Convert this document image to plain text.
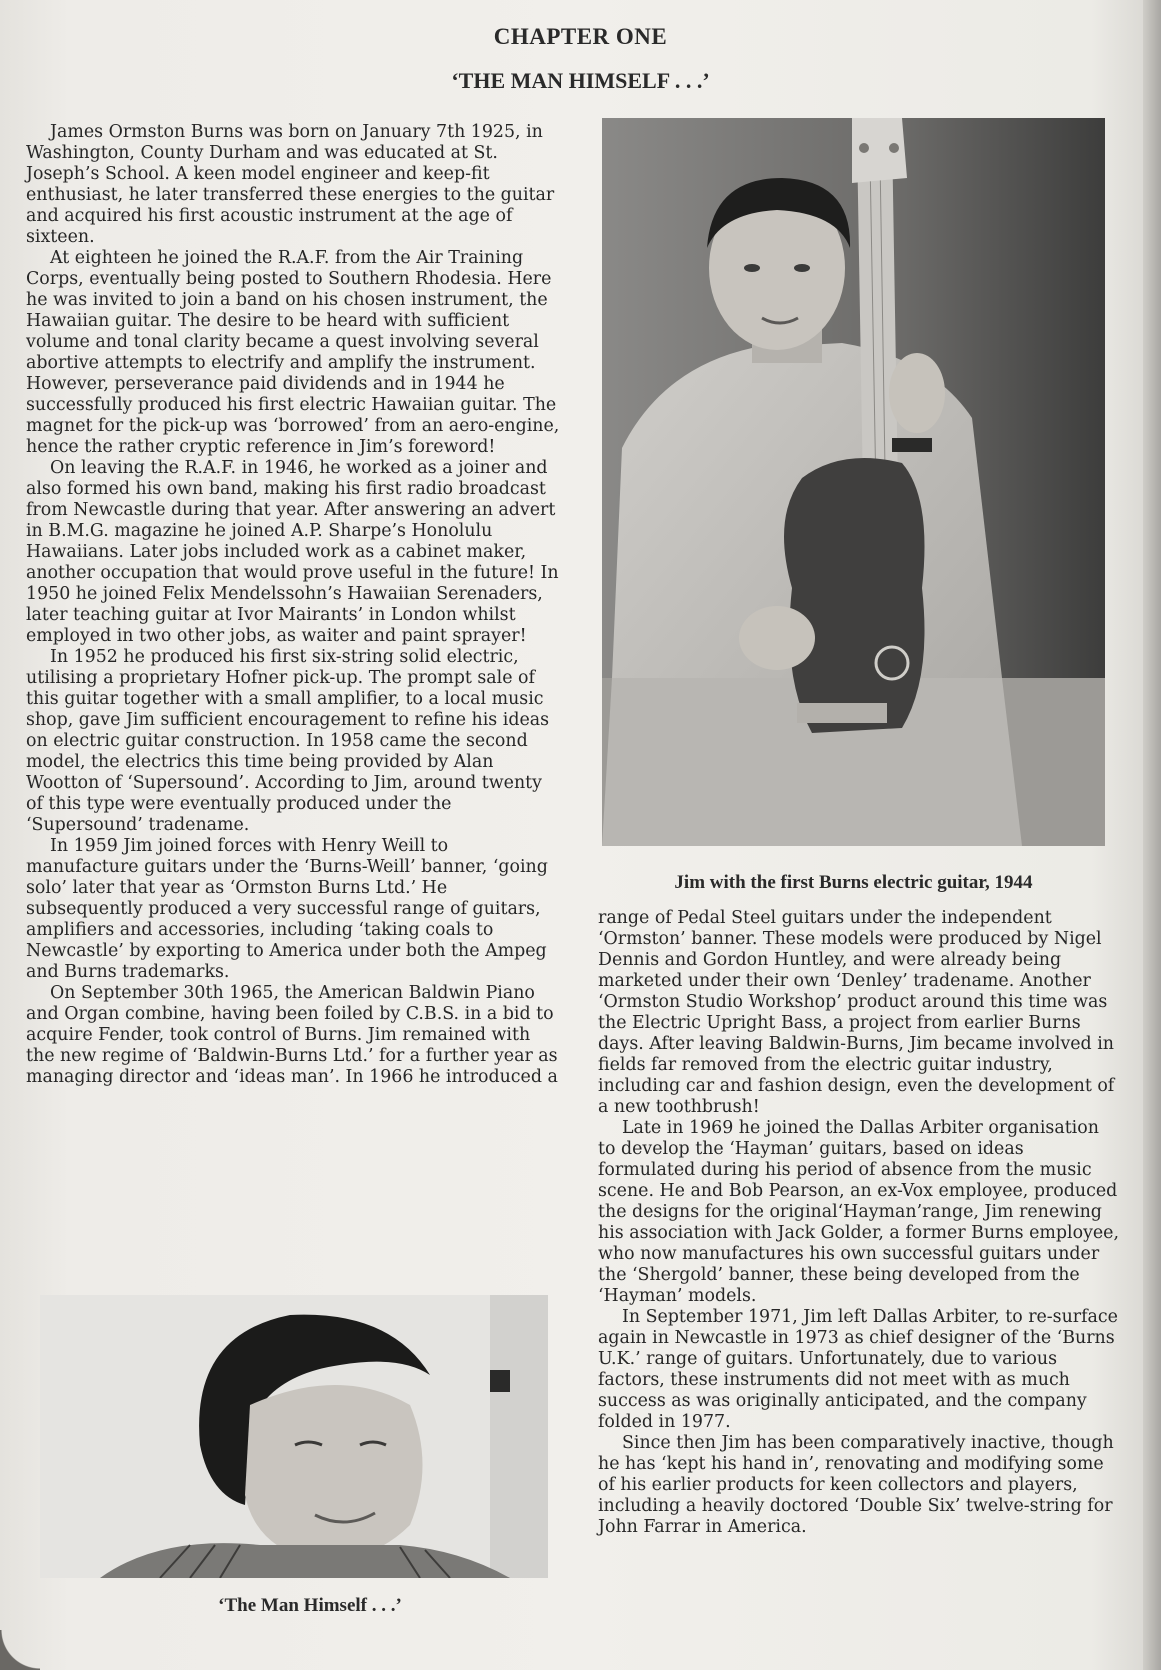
CHAPTER ONE
‘THE MAN HIMSELF . . .’

James Ormston Burns was born on January 7th 1925, in Washington, County Durham and was educated at St. Joseph’s School. A keen model engineer and keep-fit enthusiast, he later transferred these energies to the guitar and acquired his first acoustic instrument at the age of sixteen.

At eighteen he joined the R.A.F. from the Air Training Corps, eventually being posted to Southern Rhodesia. Here he was invited to join a band on his chosen instrument, the Hawaiian guitar. The desire to be heard with sufficient volume and tonal clarity became a quest involving several abortive attempts to electrify and amplify the instrument. However, perseverance paid dividends and in 1944 he successfully produced his first electric Hawaiian guitar. The magnet for the pick-up was ‘borrowed’ from an aero-engine, hence the rather cryptic reference in Jim’s foreword!

On leaving the R.A.F. in 1946, he worked as a joiner and also formed his own band, making his first radio broadcast from Newcastle during that year. After answering an advert in B.M.G. magazine he joined A.P. Sharpe’s Honolulu Hawaiians. Later jobs included work as a cabinet maker, another occupation that would prove useful in the future! In 1950 he joined Felix Mendelssohn’s Hawaiian Serenaders, later teaching guitar at Ivor Mairants’ in London whilst employed in two other jobs, as waiter and paint sprayer!

In 1952 he produced his first six-string solid electric, utilising a proprietary Hofner pick-up. The prompt sale of this guitar together with a small amplifier, to a local music shop, gave Jim sufficient encouragement to refine his ideas on electric guitar construction. In 1958 came the second model, the electrics this time being provided by Alan Wootton of ‘Supersound’. According to Jim, around twenty of this type were eventually produced under the ‘Supersound’ tradename.

In 1959 Jim joined forces with Henry Weill to manufacture guitars under the ‘Burns-Weill’ banner, ‘going solo’ later that year as ‘Ormston Burns Ltd.’ He subsequently produced a very successful range of guitars, amplifiers and accessories, including ‘taking coals to Newcastle’ by exporting to America under both the Ampeg and Burns trademarks.

On September 30th 1965, the American Baldwin Piano and Organ combine, having been foiled by C.B.S. in a bid to acquire Fender, took control of Burns. Jim remained with the new regime of ‘Baldwin-Burns Ltd.’ for a further year as managing director and ‘ideas man’. In 1966 he introduced a

Jim with the first Burns electric guitar, 1944

range of Pedal Steel guitars under the independent ‘Ormston’ banner. These models were produced by Nigel Dennis and Gordon Huntley, and were already being marketed under their own ‘Denley’ tradename. Another ‘Ormston Studio Workshop’ product around this time was the Electric Upright Bass, a project from earlier Burns days. After leaving Baldwin-Burns, Jim became involved in fields far removed from the electric guitar industry, including car and fashion design, even the development of a new toothbrush!

Late in 1969 he joined the Dallas Arbiter organisation to develop the ‘Hayman’ guitars, based on ideas formulated during his period of absence from the music scene. He and Bob Pearson, an ex-Vox employee, produced the designs for the original‘Hayman’range, Jim renewing his association with Jack Golder, a former Burns employee, who now manufactures his own successful guitars under the ‘Shergold’ banner, these being developed from the ‘Hayman’ models.

In September 1971, Jim left Dallas Arbiter, to re-surface again in Newcastle in 1973 as chief designer of the ‘Burns U.K.’ range of guitars. Unfortunately, due to various factors, these instruments did not meet with as much success as was originally anticipated, and the company folded in 1977.

Since then Jim has been comparatively inactive, though he has ‘kept his hand in’, renovating and modifying some of his earlier products for keen collectors and players, including a heavily doctored ‘Double Six’ twelve-string for John Farrar in America.

‘The Man Himself . . .’
